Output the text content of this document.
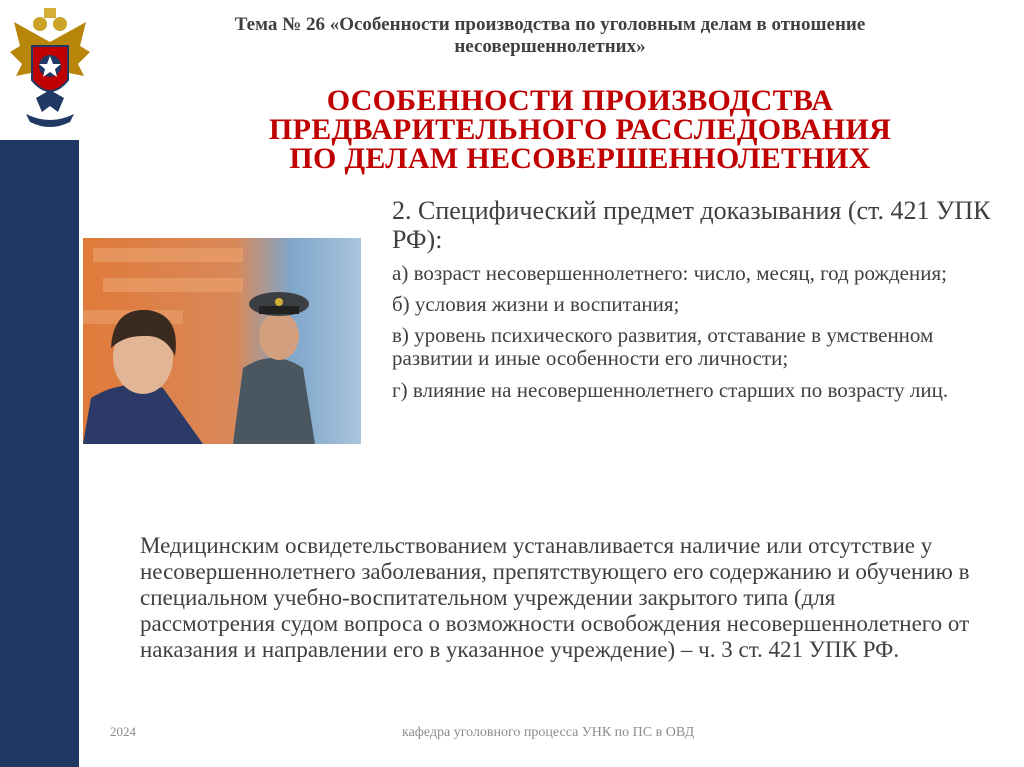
Тема № 26 «Особенности производства по уголовным делам в отношение
несовершеннолетних»
ОСОБЕННОСТИ ПРОИЗВОДСТВА
ПРЕДВАРИТЕЛЬНОГО РАССЛЕДОВАНИЯ
ПО ДЕЛАМ НЕСОВЕРШЕННОЛЕТНИХ

2. Специфический предмет доказывания (ст. 421 УПК РФ):

а) возраст несовершеннолетнего: число, месяц, год рождения;

б) условия жизни и воспитания;

в) уровень психического развития, отставание в умственном развитии и иные особенности его личности;

г) влияние на несовершеннолетнего старших по возрасту лиц.

Медицинским освидетельствованием устанавливается наличие или отсутствие у несовершеннолетнего заболевания, препятствующего его содержанию и обучению в специальном учебно-воспитательном учреждении закрытого типа (для рассмотрения судом вопроса о возможности освобождения несовершеннолетнего от наказания и направлении его в указанное учреждение) – ч. 3 ст. 421 УПК РФ.
2024	кафедра уголовного процесса УНК по ПС в ОВД
